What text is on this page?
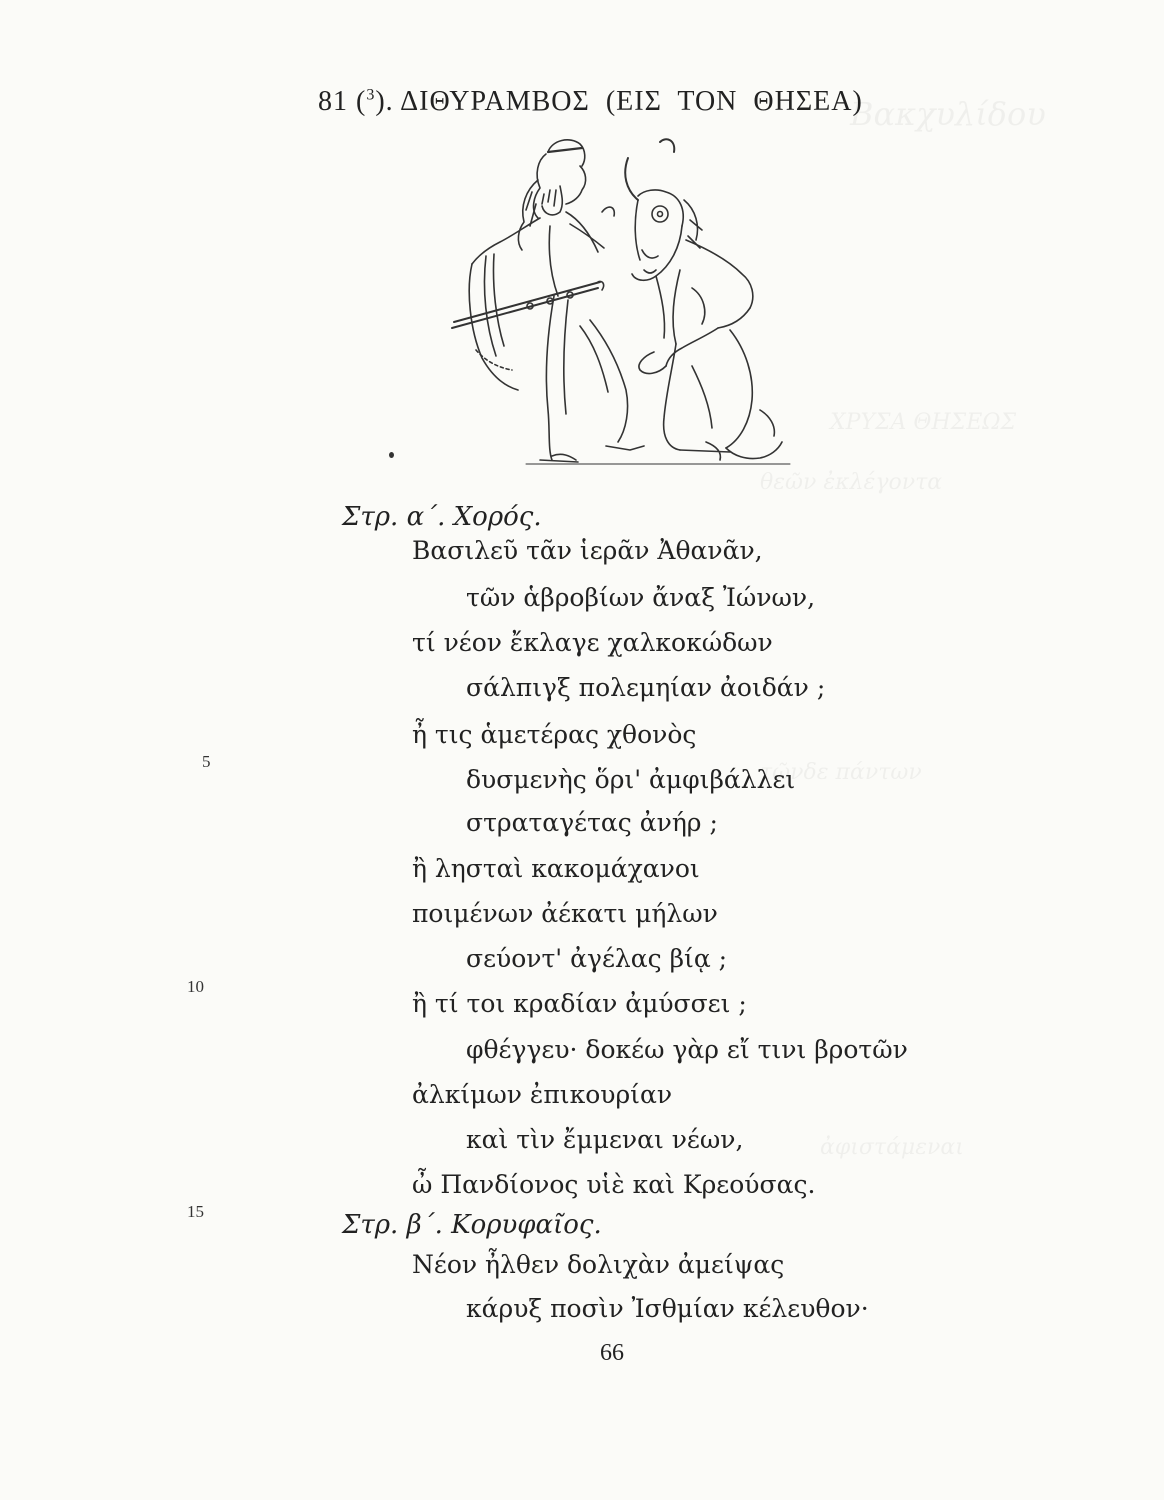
81 ($^3$). ΔΙΘΥΡΑΜΒΟΣ  (ΕΙΣ  ΤΟΝ  ΘΗΣΕΑ)
Στρ. α΄. Χορός.
Βασιλεῦ τᾶν ἱερᾶν Ἀθανᾶν,
τῶν ἁβροβίων ἄναξ Ἰώνων,
τί νέον ἔκλαγε χαλκοκώδων
σάλπιγξ πολεμηίαν ἀοιδάν ;
ἦ τις ἁμετέρας χθονὸς
δυσμενὴς ὅρι' ἀμφιβάλλει
στραταγέτας ἀνήρ ;
ἢ λησταὶ κακομάχανοι
ποιμένων ἀέκατι μήλων
σεύοντ' ἀγέλας βίᾳ ;
ἢ τί τοι κραδίαν ἀμύσσει ;
φθέγγευ· δοκέω γὰρ εἴ τινι βροτῶν
ἀλκίμων ἐπικουρίαν
καὶ τὶν ἔμμεναι νέων,
ὦ Πανδίονος υἱὲ καὶ Κρεούσας.
5
10
15	Στρ. β΄. Κορυφαῖος.
Νέον ἦλθεν δολιχὰν ἀμείψας
κάρυξ ποσὶν Ἰσθμίαν κέλευθον·
66
